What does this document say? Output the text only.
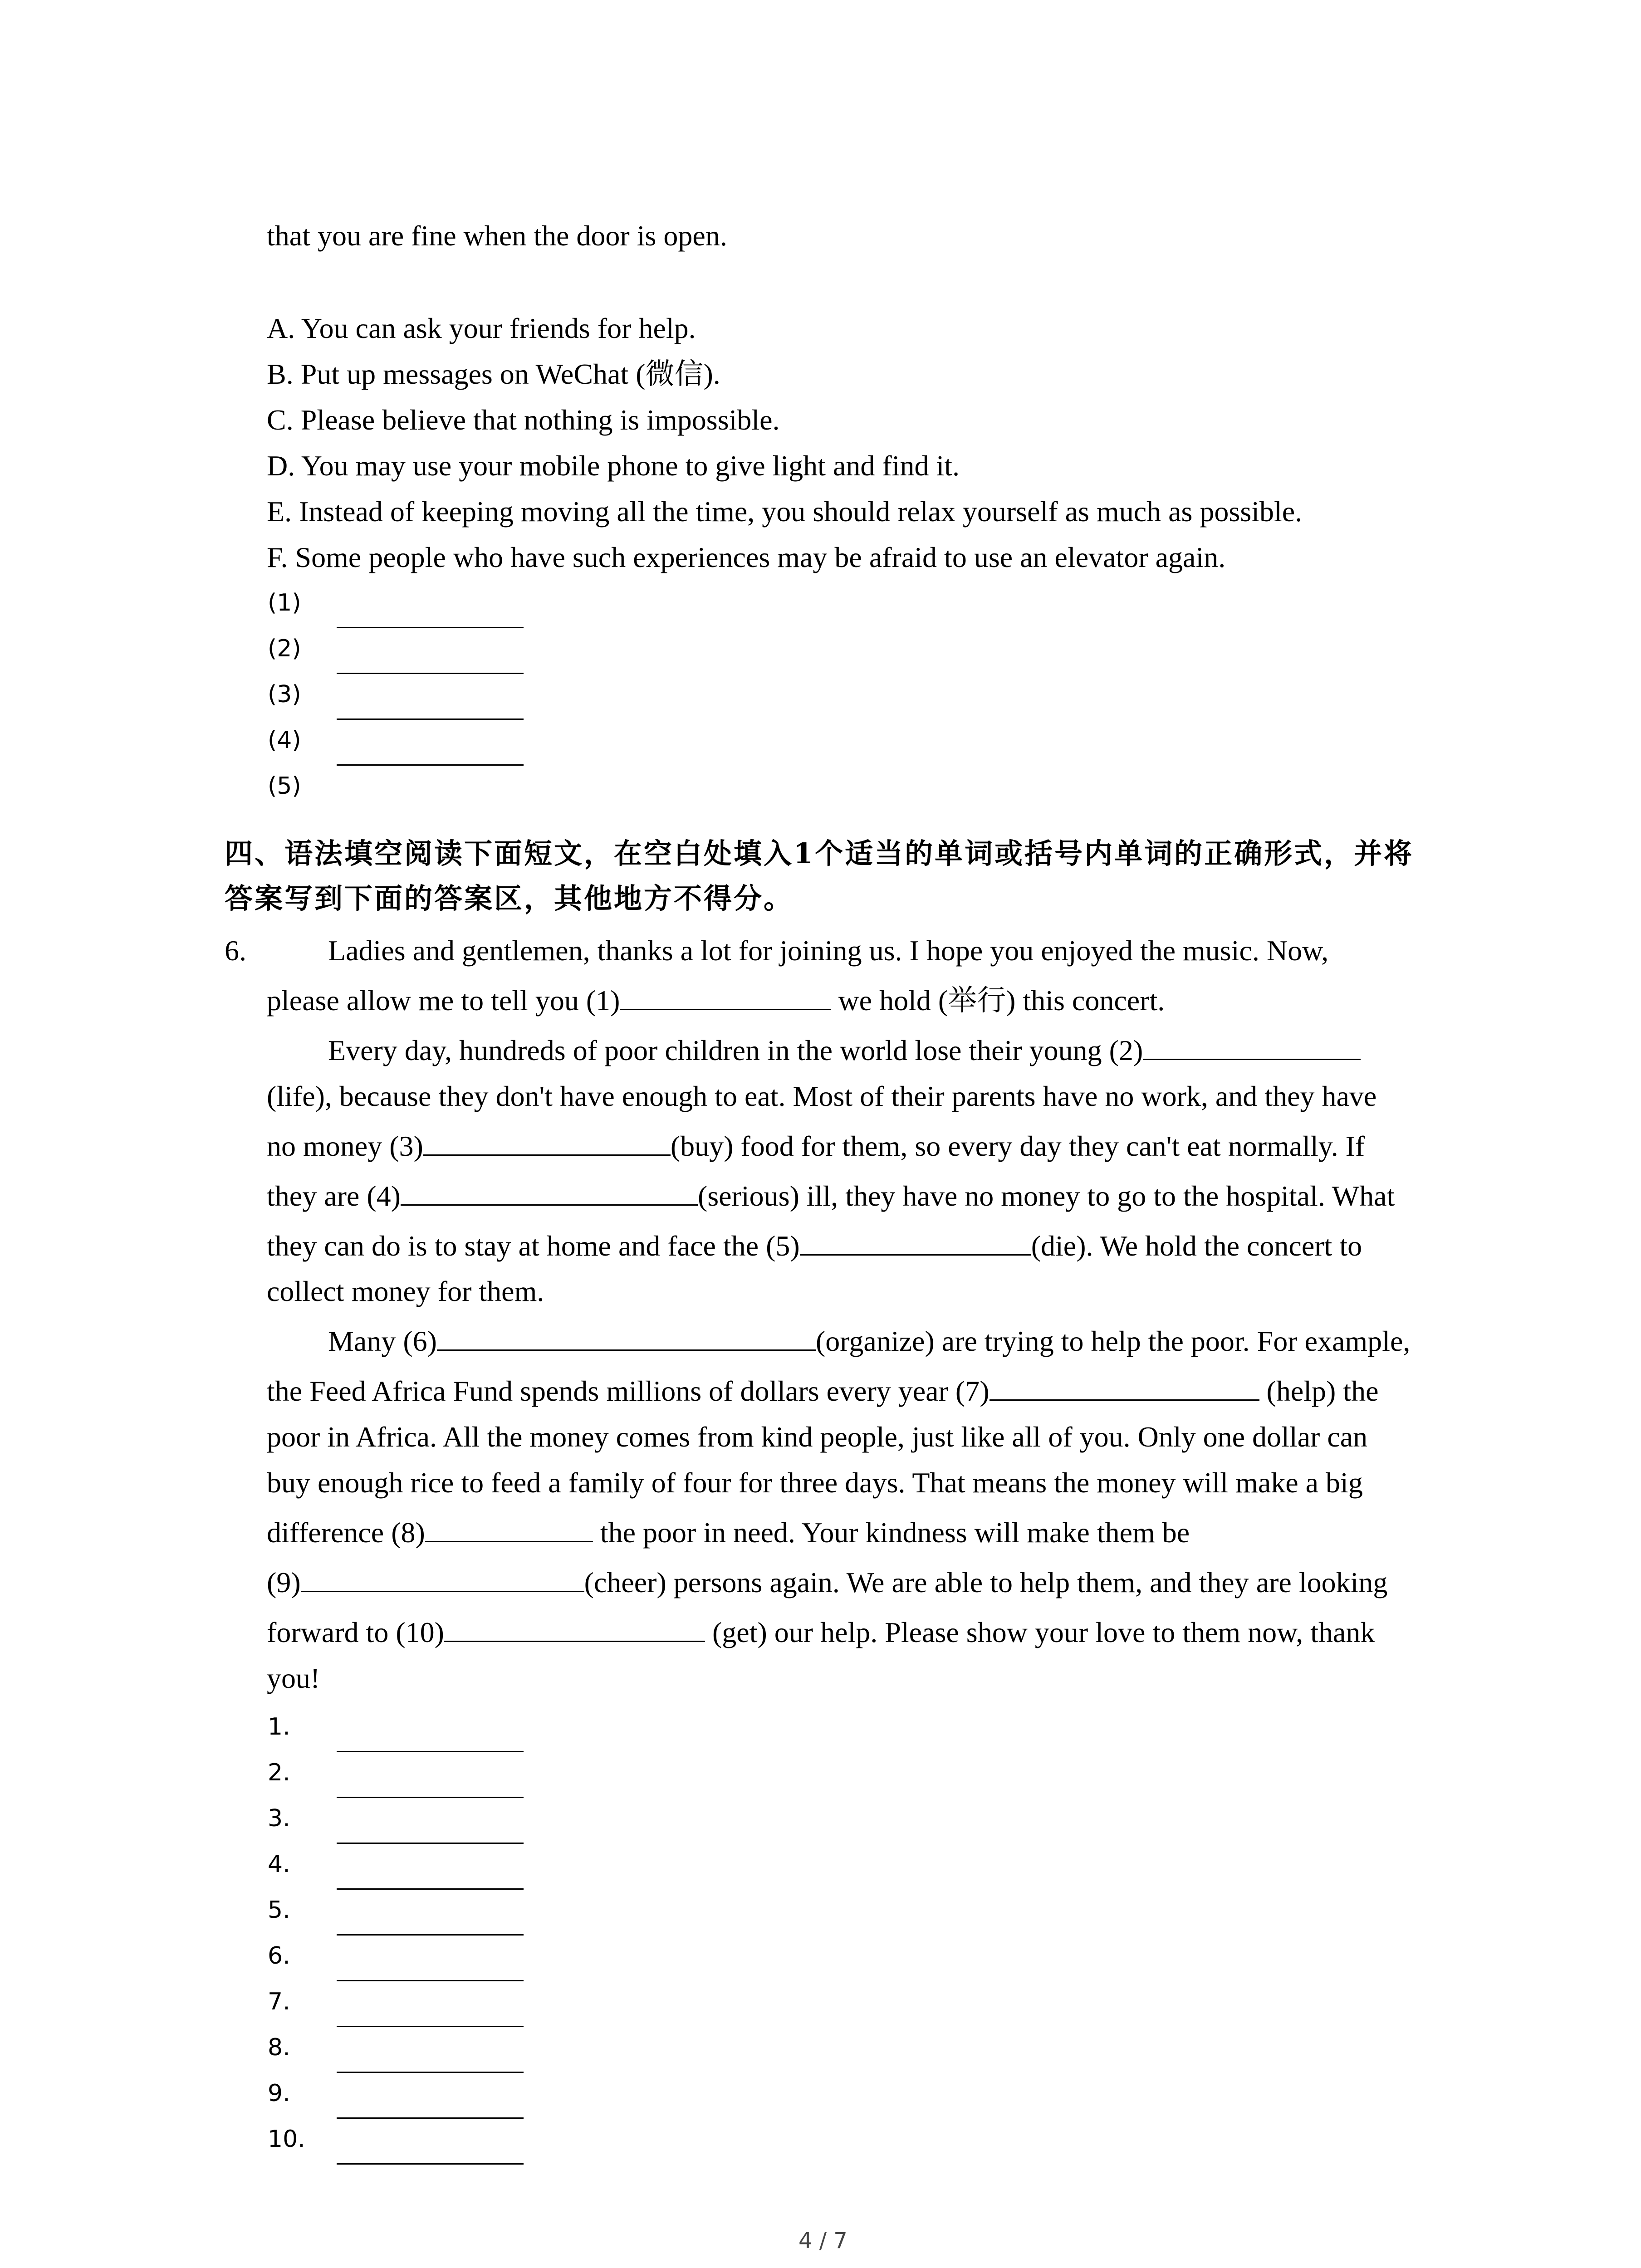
that you are fine when the door is open.
A. You can ask your friends for help.
B. Put up messages on WeChat (微信).
C. Please believe that nothing is impossible.
D. You may use your mobile phone to give light and find it.
E. Instead of keeping moving all the time, you should relax yourself as much as possible.
F. Some people who have such experiences may be afraid to use an elevator again.
(1)
(2)
(3)
(4)
(5)
四、语法填空阅读下面短文，在空白处填入1个适当的单词或括号内单词的正确形式，并将
答案写到下面的答案区，其他地方不得分。
6.	Ladies and gentlemen, thanks a lot for joining us. I hope you enjoyed the music. Now,
please allow me to tell you (1)	we hold (举行) this concert.
Every day, hundreds of poor children in the world lose their young (2)
(life), because they don't have enough to eat. Most of their parents have no work, and they have
no money (3)	(buy) food for them, so every day they can't eat normally. If
they are (4)	(serious) ill, they have no money to go to the hospital. What
they can do is to stay at home and face the (5)	(die). We hold the concert to
collect money for them.
Many (6)	(organize) are trying to help the poor. For example,
the Feed Africa Fund spends millions of dollars every year (7)	(help) the
poor in Africa. All the money comes from kind people, just like all of you. Only one dollar can
buy enough rice to feed a family of four for three days. That means the money will make a big
difference (8)	the poor in need. Your kindness will make them be
(9)	(cheer) persons again. We are able to help them, and they are looking
forward to (10)	(get) our help. Please show your love to them now, thank
you!
1.
2.
3.
4.
5.
6.
7.
8.
9.
10.
4 / 7
